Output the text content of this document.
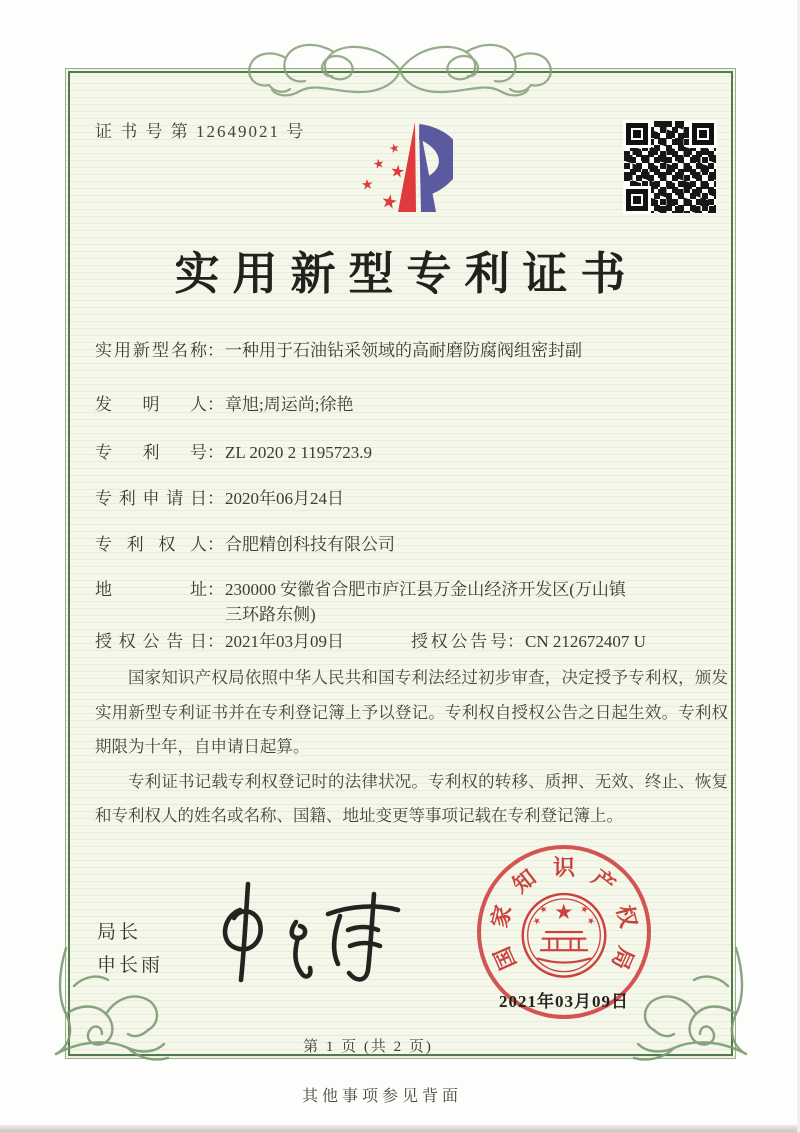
证 书 号 第 12649021 号
★
★ ★
★
★
实用新型专利证书
实用新型名称 ： 一种用于石油钻采领域的高耐磨防腐阀组密封副
发明人 ： 章旭;周运尚;徐艳
专利号 ： ZL 2020 2 1195723.9
专利申请日 ： 2020年06月24日
专利权人 ： 合肥精创科技有限公司
地址 ： 230000 安徽省合肥市庐江县万金山经济开发区(万山镇三环路东侧)
授权公告日 ： 2021年03月09日	授权公告号 ： CN 212672407 U

国家知识产权局依照中华人民共和国专利法经过初步审查，决定授予专利权，颁发实用新型专利证书并在专利登记簿上予以登记。专利权自授权公告之日起生效。专利权期限为十年，自申请日起算。

专利证书记载专利权登记时的法律状况。专利权的转移、质押、无效、终止、恢复和专利权人的姓名或名称、国籍、地址变更等事项记载在专利登记簿上。

局长
申长雨	国
家
知 识 产
权
局
★
★	★
★	★
2021年03月09日
第 1 页 (共 2 页)
其他事项参见背面
